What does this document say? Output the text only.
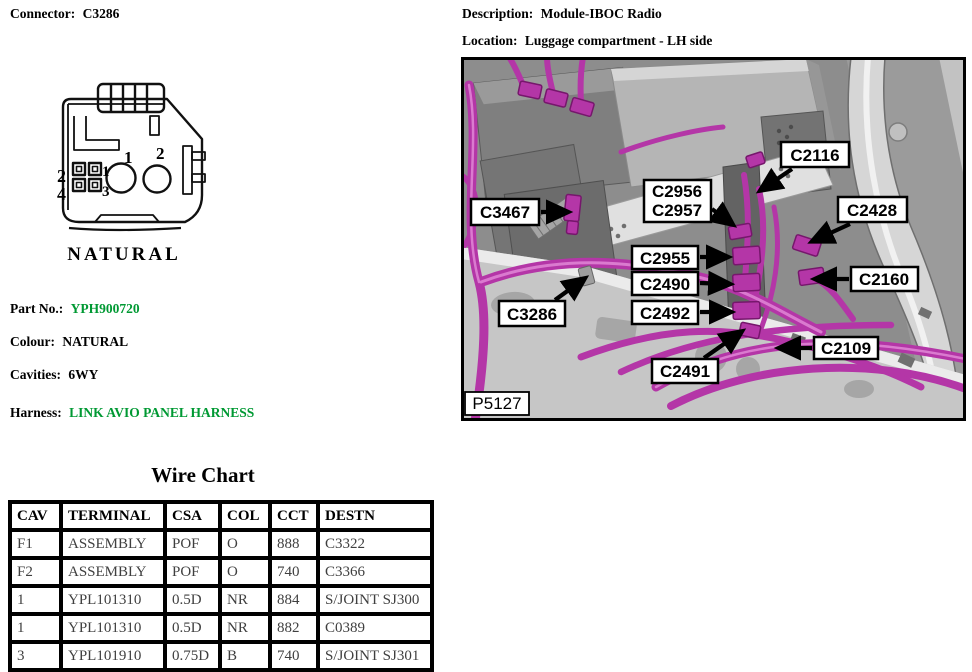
Connector: C3286	Description: Module-IBOC Radio
Location: Luggage compartment - LH side
2
4
1
3
1 2
NATURAL
Part No.: YPH900720
Colour: NATURAL
Cavities: 6WY
Harness: LINK AVIO PANEL HARNESS
C3467
C2956
C2957
C2116
C2428
C2955
C2490
C2492
C3286
C2160
C2109
C2491
P5127
Wire Chart
CAV	TERMINAL	CSA	COL	CCT	DESTN
F1	ASSEMBLY	POF	O	888	C3322
F2	ASSEMBLY	POF	O	740	C3366
1	YPL101310	0.5D	NR	884	S/JOINT SJ300
1	YPL101310	0.5D	NR	882	C0389
3	YPL101910	0.75D	B	740	S/JOINT SJ301
